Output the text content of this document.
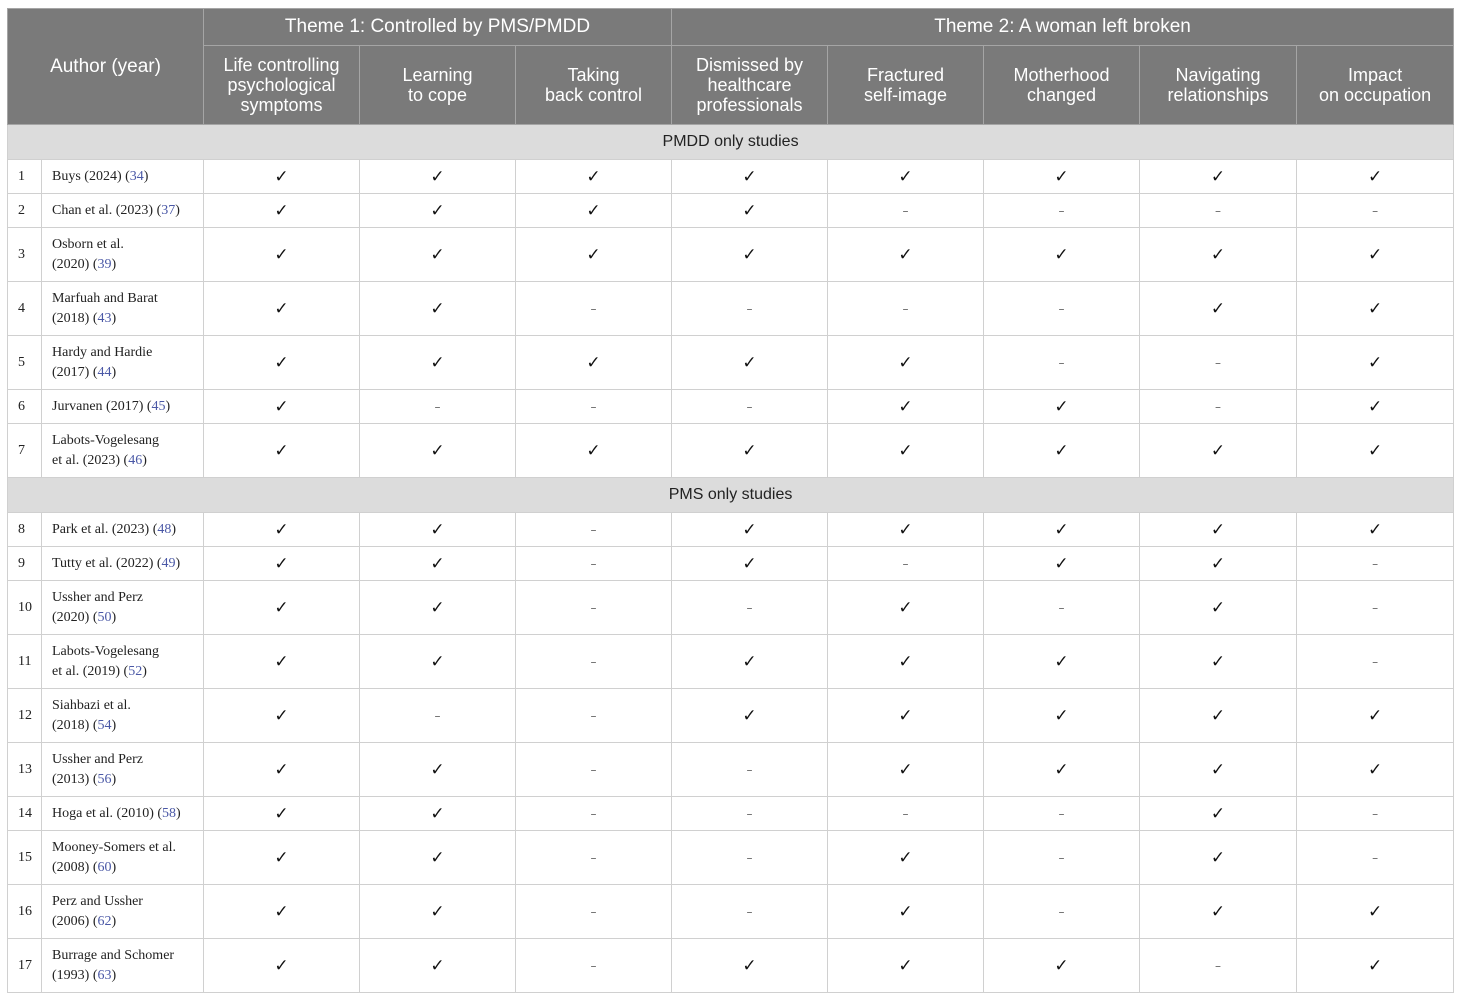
Author (year)		Theme 1: Controlled by PMS/PMDD			Theme 2: A woman left broken				
		Life controlling
psychological
symptoms	Learning
to cope	Taking
back control	Dismissed by
healthcare
professionals	Fractured
self-image	Motherhood
changed	Navigating
relationships	Impact
on occupation
PMDD only studies									
1	Buys (2024) (34)	✓	✓	✓	✓	✓	✓	✓	✓
2	Chan et al. (2023) (37)	✓	✓	✓	✓	–	–	–	–
3	Osborn et al.
(2020) (39)	✓	✓	✓	✓	✓	✓	✓	✓
4	Marfuah and Barat
(2018) (43)	✓	✓	–	–	–	–	✓	✓
5	Hardy and Hardie
(2017) (44)	✓	✓	✓	✓	✓	–	–	✓
6	Jurvanen (2017) (45)	✓	–	–	–	✓	✓	–	✓
7	Labots-Vogelesang
et al. (2023) (46)	✓	✓	✓	✓	✓	✓	✓	✓
PMS only studies									
8	Park et al. (2023) (48)	✓	✓	–	✓	✓	✓	✓	✓
9	Tutty et al. (2022) (49)	✓	✓	–	✓	–	✓	✓	–
10	Ussher and Perz
(2020) (50)	✓	✓	–	–	✓	–	✓	–
11	Labots-Vogelesang
et al. (2019) (52)	✓	✓	–	✓	✓	✓	✓	–
12	Siahbazi et al.
(2018) (54)	✓	–	–	✓	✓	✓	✓	✓
13	Ussher and Perz
(2013) (56)	✓	✓	–	–	✓	✓	✓	✓
14	Hoga et al. (2010) (58)	✓	✓	–	–	–	–	✓	–
15	Mooney-Somers et al.
(2008) (60)	✓	✓	–	–	✓	–	✓	–
16	Perz and Ussher
(2006) (62)	✓	✓	–	–	✓	–	✓	✓
17	Burrage and Schomer
(1993) (63)	✓	✓	–	✓	✓	✓	–	✓
